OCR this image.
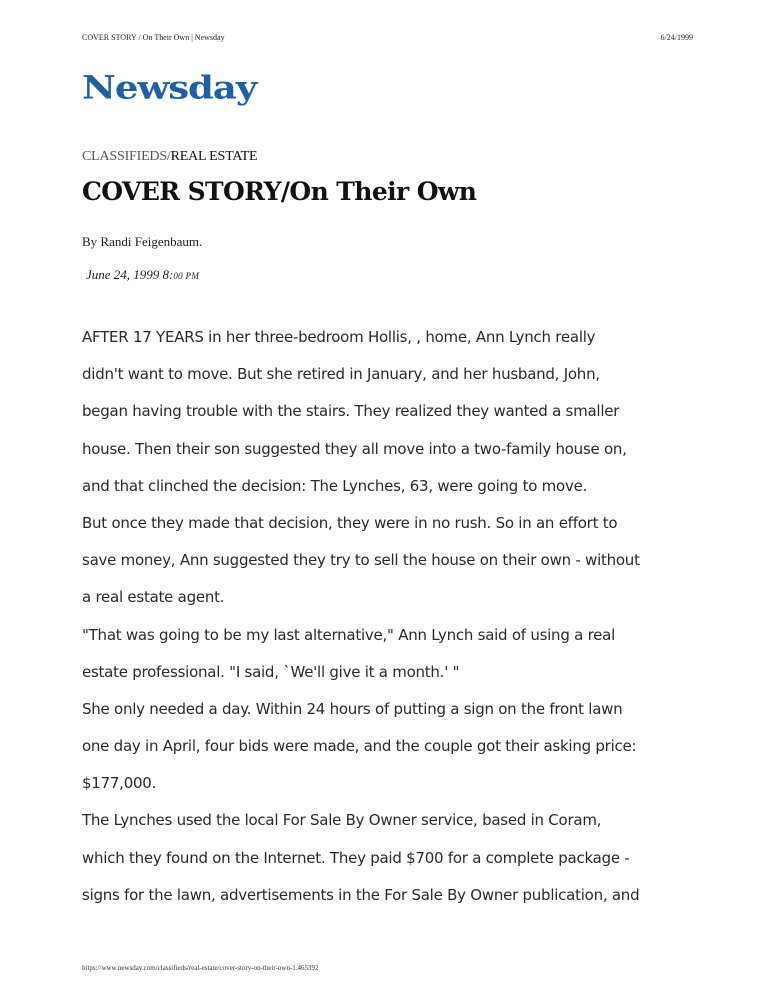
COVER STORY / On Their Own | Newsday	6/24/1999
Newsday
CLASSIFIEDS/REAL ESTATE
COVER STORY/On Their Own
By Randi Feigenbaum.
June 24, 1999 8:00 PM
AFTER 17 YEARS in her three-bedroom Hollis, , home, Ann Lynch really
didn't want to move. But she retired in January, and her husband, John,
began having trouble with the stairs. They realized they wanted a smaller
house. Then their son suggested they all move into a two-family house on,
and that clinched the decision: The Lynches, 63, were going to move.
But once they made that decision, they were in no rush. So in an effort to
save money, Ann suggested they try to sell the house on their own - without
a real estate agent.
"That was going to be my last alternative," Ann Lynch said of using a real
estate professional. "I said, `We'll give it a month.' "
She only needed a day. Within 24 hours of putting a sign on the front lawn
one day in April, four bids were made, and the couple got their asking price:
$177,000.
The Lynches used the local For Sale By Owner service, based in Coram,
which they found on the Internet. They paid $700 for a complete package -
signs for the lawn, advertisements in the For Sale By Owner publication, and
https://www.newsday.com/classifieds/real-estate/cover-story-on-their-own-1.465392
